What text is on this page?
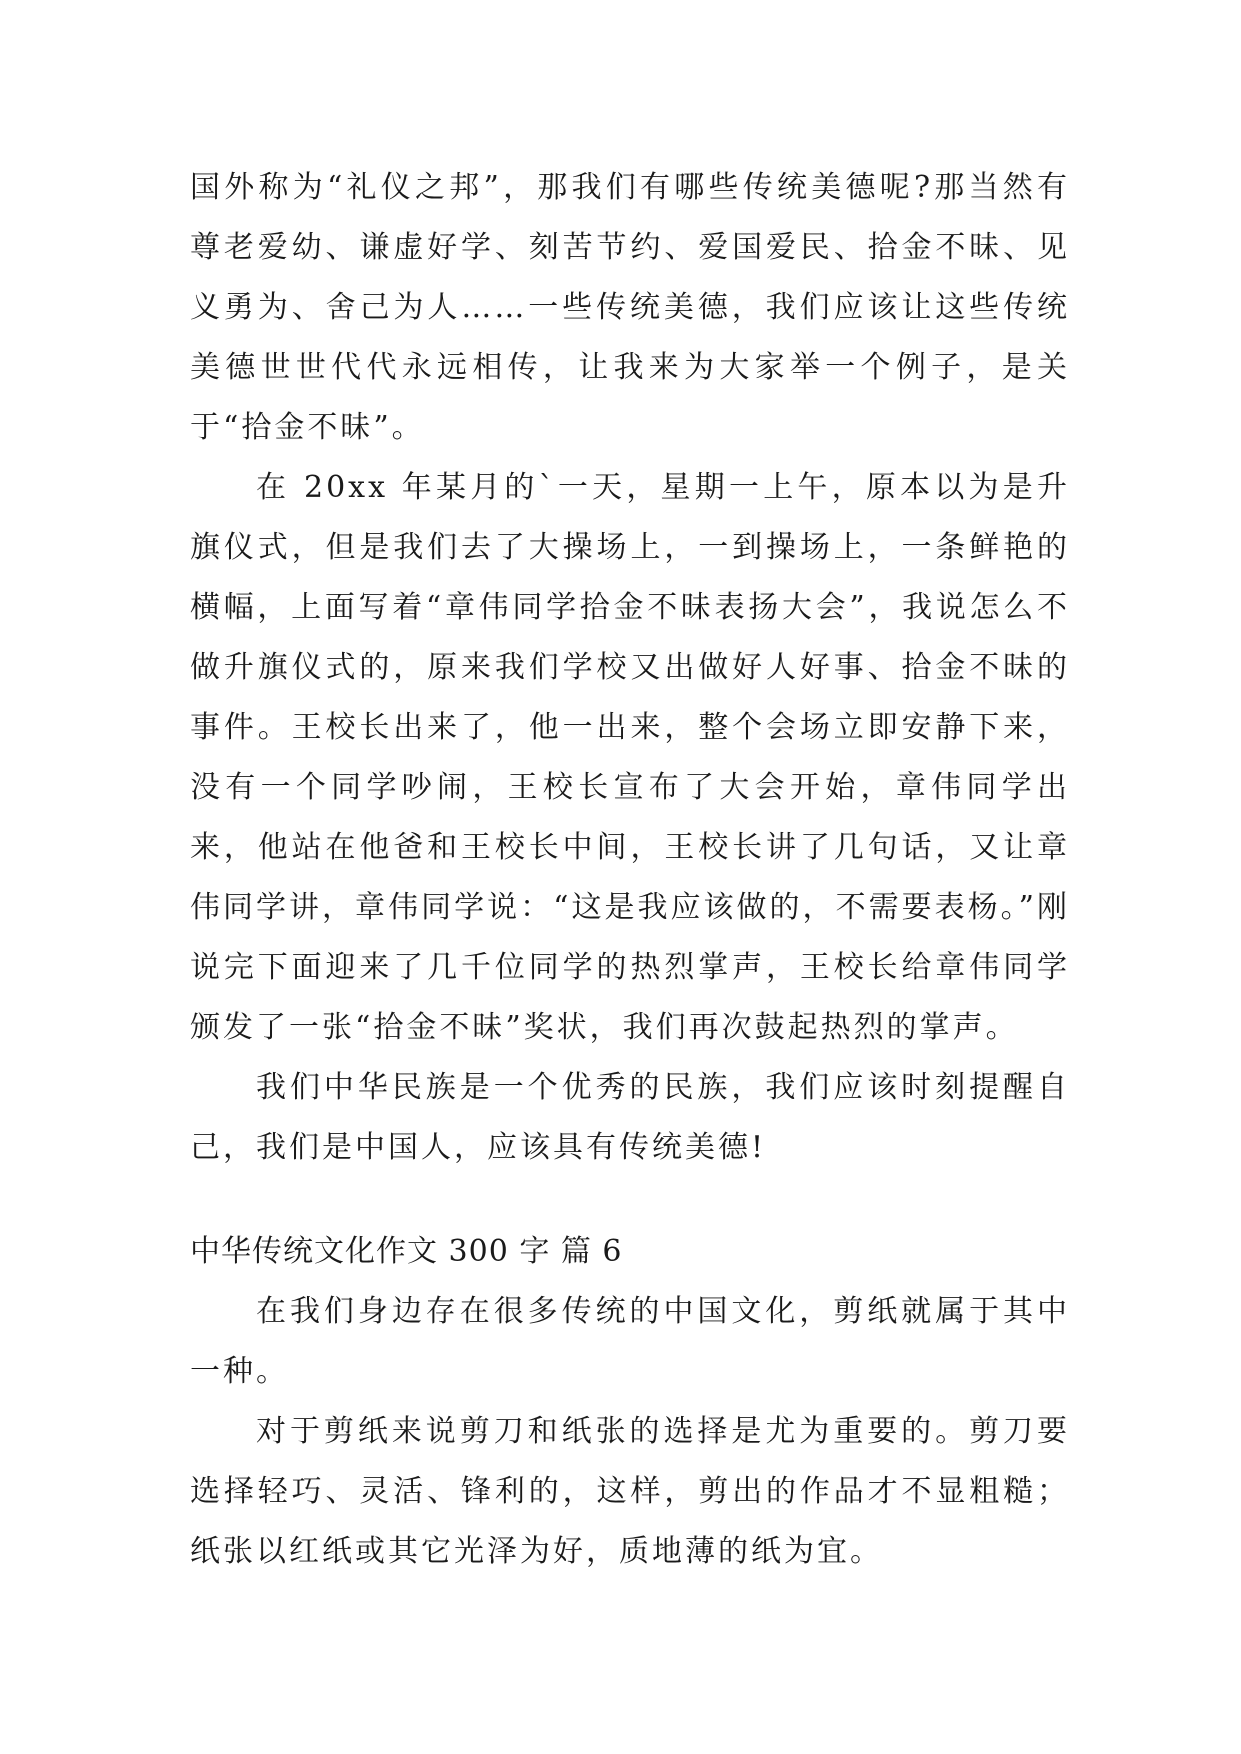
国外称为“礼仪之邦”，那我们有哪些传统美德呢?那当然有尊老爱幼、谦虚好学、刻苦节约、爱国爱民、拾金不昧、见义勇为、舍己为人……一些传统美德，我们应该让这些传统美德世世代代永远相传，让我来为大家举一个例子，是关于“拾金不昧”。

在 20xx 年某月的`一天，星期一上午，原本以为是升旗仪式，但是我们去了大操场上，一到操场上，一条鲜艳的横幅，上面写着“章伟同学拾金不昧表扬大会”，我说怎么不做升旗仪式的，原来我们学校又出做好人好事、拾金不昧的事件。王校长出来了，他一出来，整个会场立即安静下来，没有一个同学吵闹，王校长宣布了大会开始，章伟同学出来，他站在他爸和王校长中间，王校长讲了几句话，又让章伟同学讲，章伟同学说：“这是我应该做的，不需要表杨。”刚说完下面迎来了几千位同学的热烈掌声，王校长给章伟同学颁发了一张“拾金不昧”奖状，我们再次鼓起热烈的掌声。

我们中华民族是一个优秀的民族，我们应该时刻提醒自己，我们是中国人，应该具有传统美德!

中华传统文化作文 300 字 篇 6

在我们身边存在很多传统的中国文化，剪纸就属于其中一种。

对于剪纸来说剪刀和纸张的选择是尤为重要的。剪刀要选择轻巧、灵活、锋利的，这样，剪出的作品才不显粗糙；纸张以红纸或其它光泽为好，质地薄的纸为宜。
